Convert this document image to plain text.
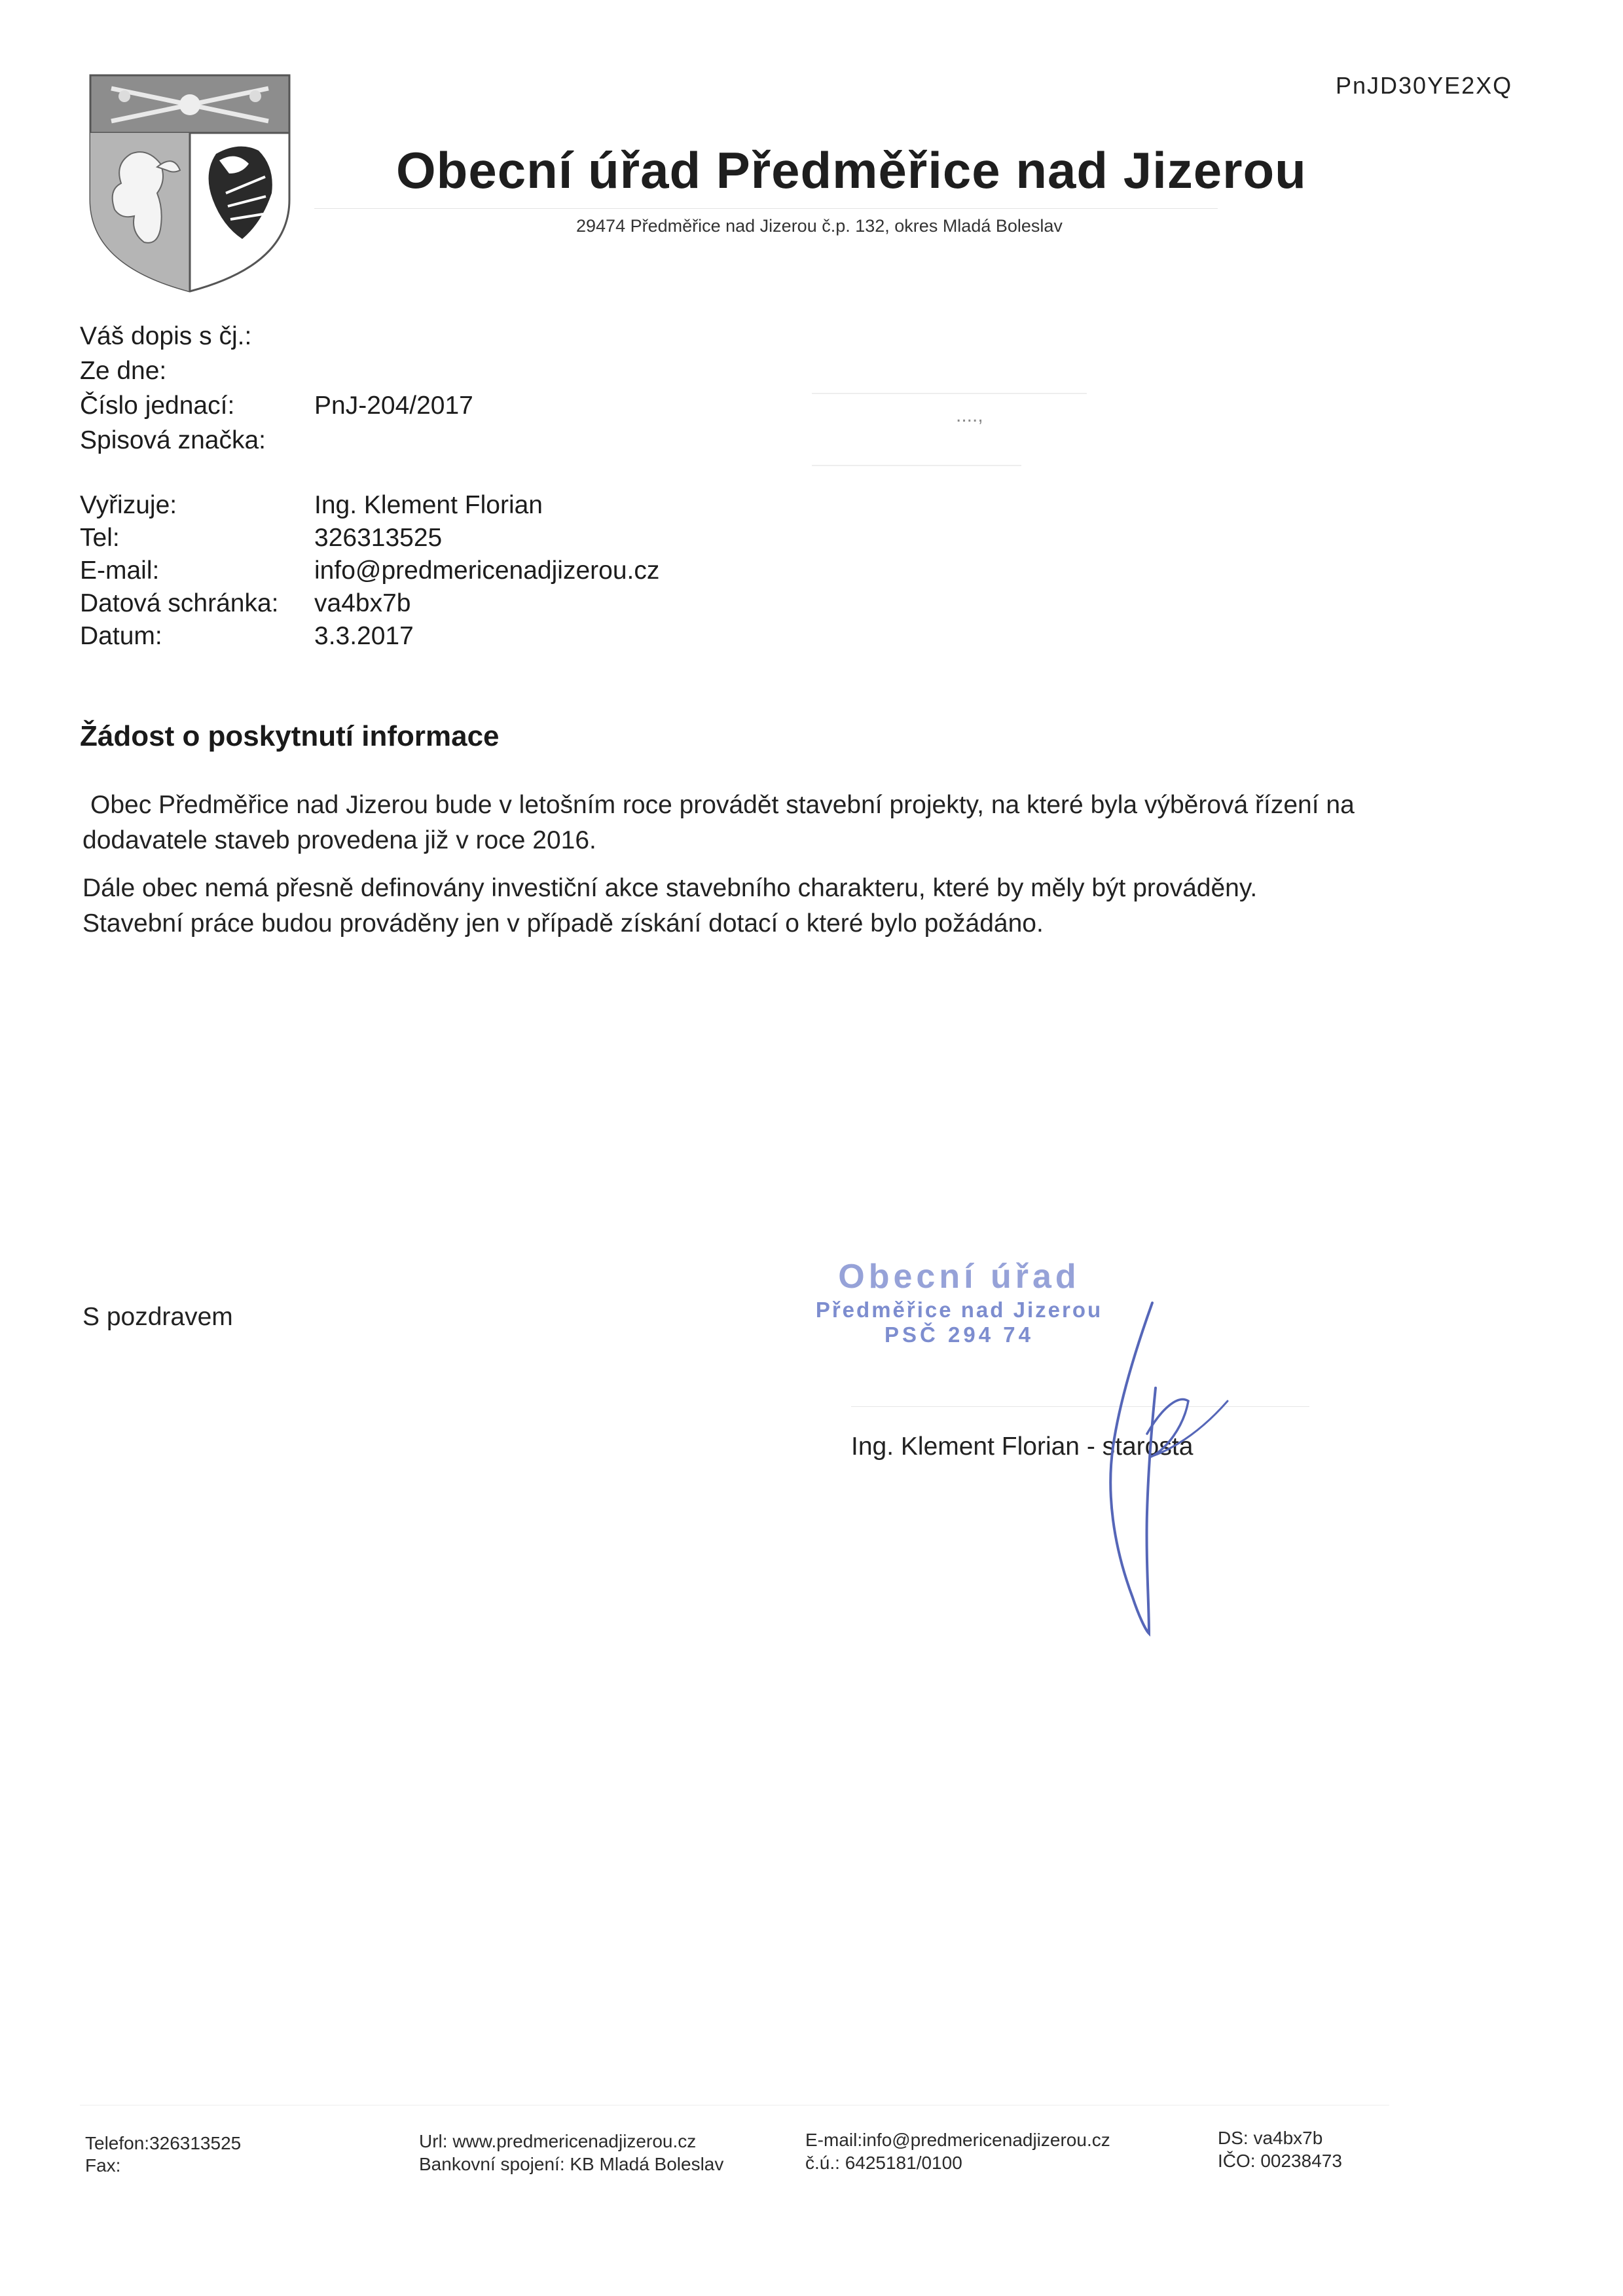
PnJD30YE2XQ
Obecní úřad Předměřice nad Jizerou
29474 Předměřice nad Jizerou č.p. 132, okres Mladá Boleslav
Váš dopis s čj.:
Ze dne:
Číslo jednací:	PnJ-204/2017
Spisová značka:
....,
Vyřizuje:	Ing. Klement Florian
Tel:	326313525
E-mail:	info@predmericenadjizerou.cz
Datová schránka: va4bx7b
Datum:	3.3.2017
Žádost o poskytnutí informace
Obec Předměřice nad Jizerou bude v letošním roce provádět stavební projekty, na které byla výběrová řízení na
dodavatele staveb provedena již v roce 2016.
Dále obec nemá přesně definovány investiční akce stavebního charakteru, které by měly být prováděny.
Stavební práce budou prováděny jen v případě získání dotací o které bylo požádáno.
S pozdravem
Obecní úřad
Předměřice nad Jizerou
PSČ 294 74
Ing. Klement Florian - starosta
Telefon:326313525
Fax:
Url: www.predmericenadjizerou.cz
Bankovní spojení: KB Mladá Boleslav
E-mail:info@predmericenadjizerou.cz
č.ú.: 6425181/0100
DS: va4bx7b
IČO: 00238473
